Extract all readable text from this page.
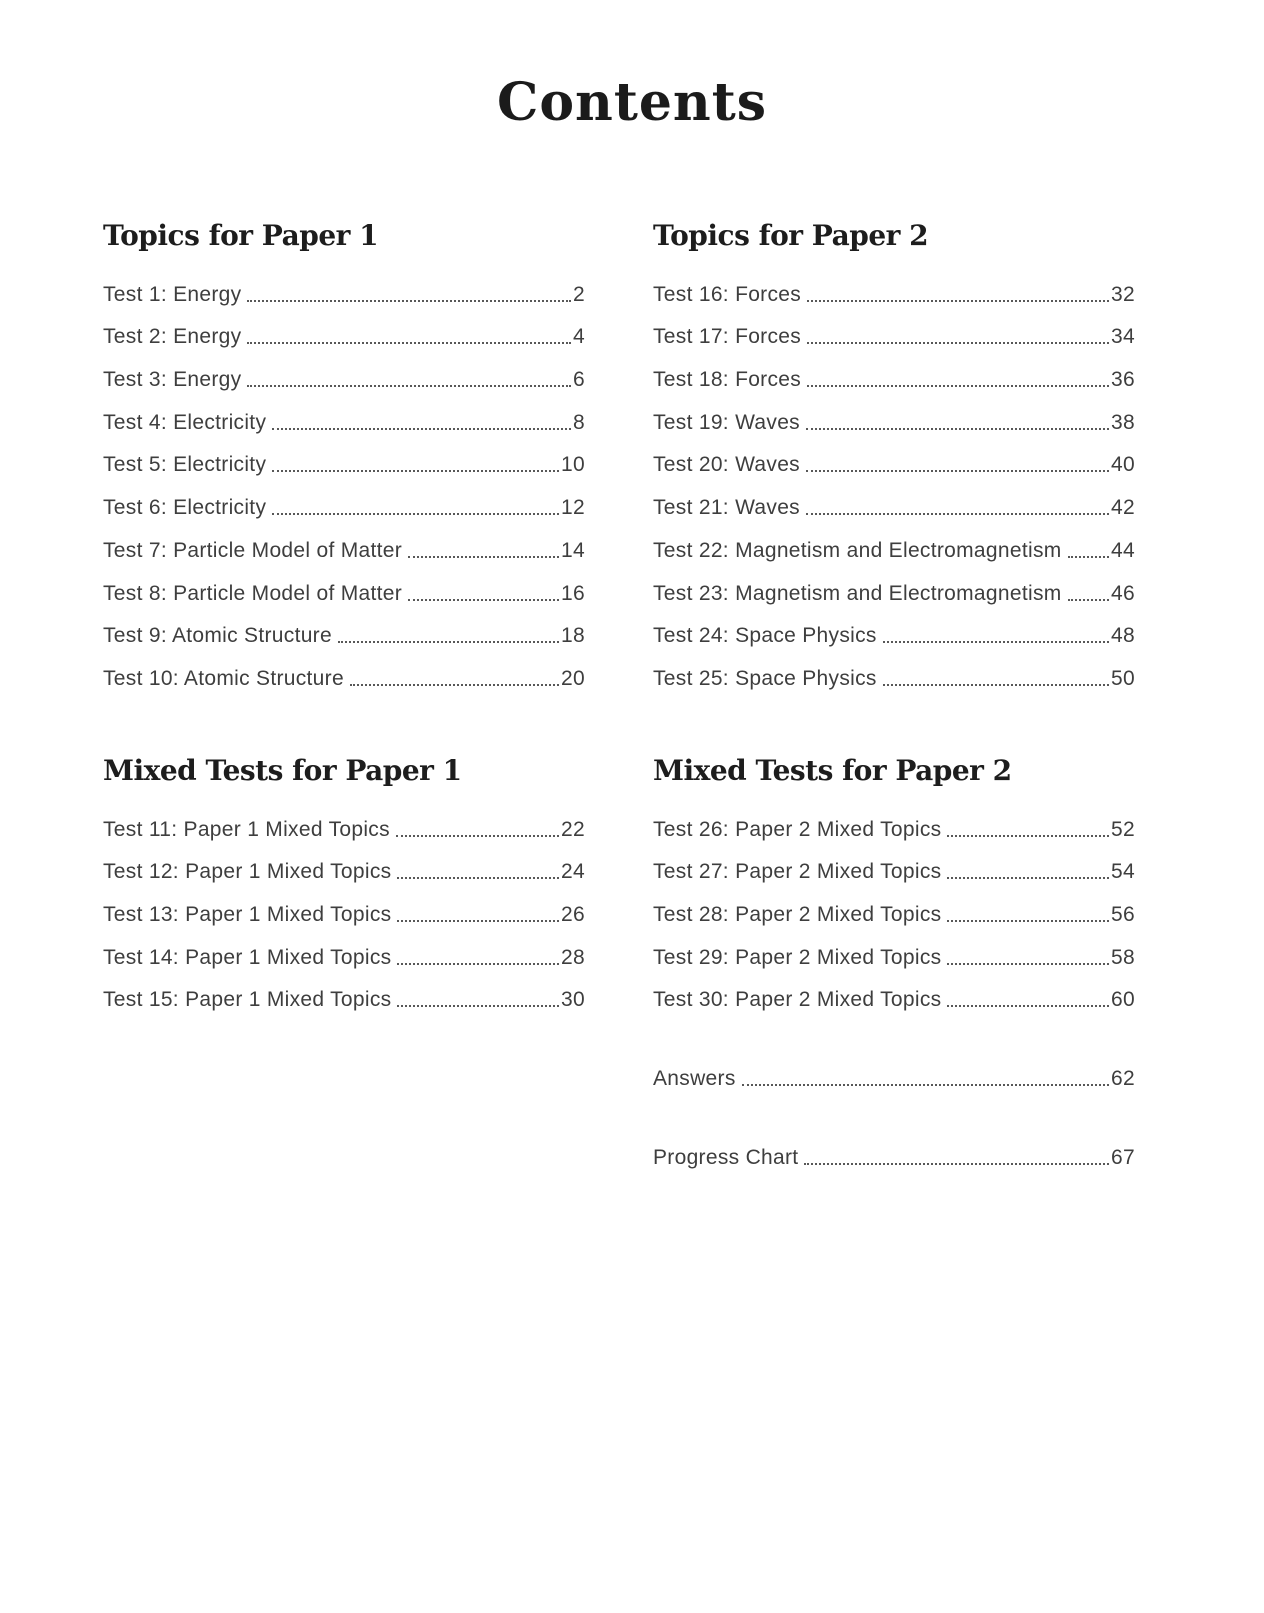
Contents
Topics for Paper 1
Test 1: Energy	2
Test 2: Energy	4
Test 3: Energy	6
Test 4: Electricity	8
Test 5: Electricity	10
Test 6: Electricity	12
Test 7: Particle Model of Matter	14
Test 8: Particle Model of Matter	16
Test 9: Atomic Structure	18
Test 10: Atomic Structure	20
Mixed Tests for Paper 1
Test 11: Paper 1 Mixed Topics	22
Test 12: Paper 1 Mixed Topics	24
Test 13: Paper 1 Mixed Topics	26
Test 14: Paper 1 Mixed Topics	28
Test 15: Paper 1 Mixed Topics	30
Topics for Paper 2
Test 16: Forces	32
Test 17: Forces	34
Test 18: Forces	36
Test 19: Waves	38
Test 20: Waves	40
Test 21: Waves	42
Test 22: Magnetism and Electromagnetism 44
Test 23: Magnetism and Electromagnetism 46
Test 24: Space Physics	48
Test 25: Space Physics	50
Mixed Tests for Paper 2
Test 26: Paper 2 Mixed Topics	52
Test 27: Paper 2 Mixed Topics	54
Test 28: Paper 2 Mixed Topics	56
Test 29: Paper 2 Mixed Topics	58
Test 30: Paper 2 Mixed Topics	60
Answers	62
Progress Chart	67
